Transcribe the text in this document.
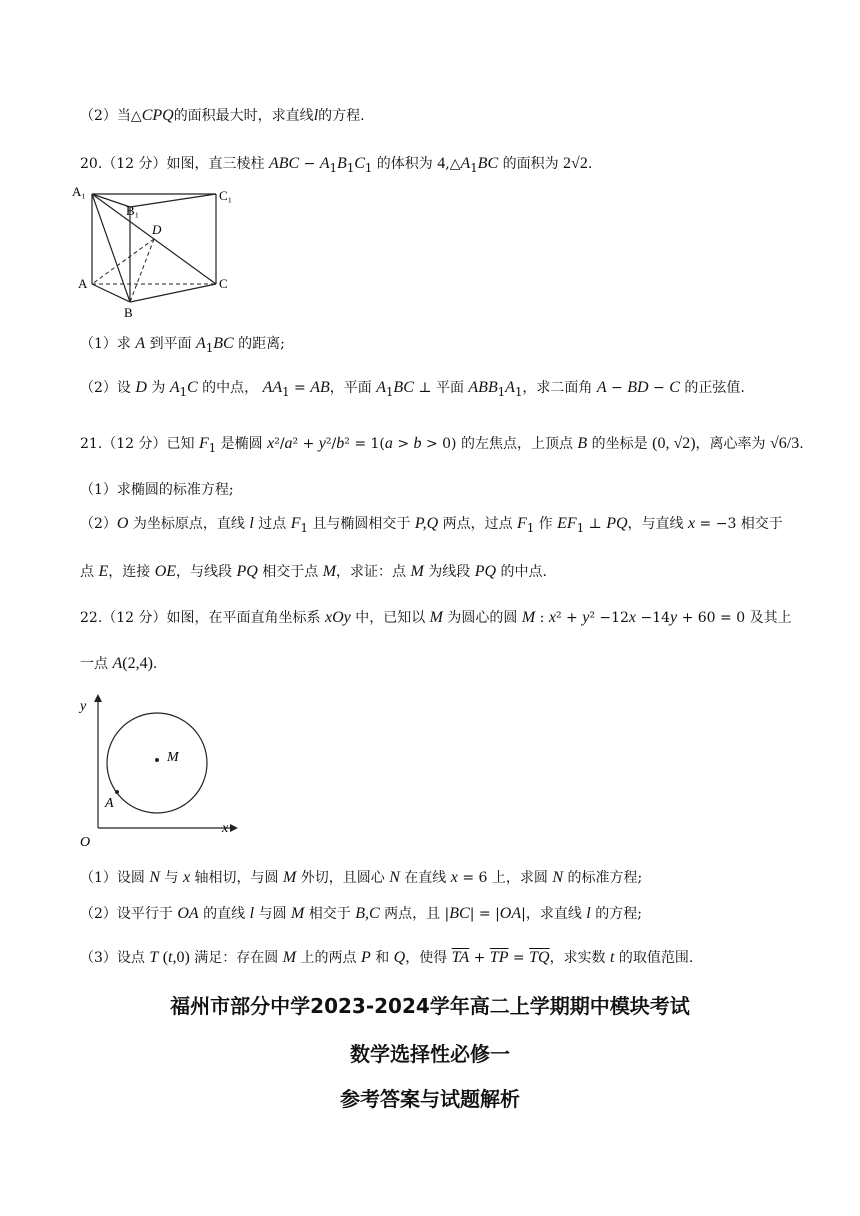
（2）当△CPQ的面积最大时，求直线l的方程.
20.（12 分）如图，直三棱柱 ABC − $A_1B_1C_1$ 的体积为 $4,\triangle A_1BC$ 的面积为 2√2.
A₁
B₁
C₁
D
A
B
C
（1）求 A 到平面 $A_1BC$ 的距离;
（2）设 D 为 $A_1C$ 的中点， $AA_1$ = AB，平面 $A_1BC$ ⊥ 平面 $ABB_1A_1$，求二面角 A − BD − C 的正弦值.
21.（12 分）已知 $F_1$ 是椭圆 x²/a² + y²/b² = 1(a > b > 0) 的左焦点，上顶点 B 的坐标是 (0, √2)，离心率为 √6/3.
（1）求椭圆的标准方程;
（2）O 为坐标原点，直线 l 过点 $F_1$ 且与椭圆相交于 P,Q 两点，过点 $F_1$ 作 $EF_1$ ⊥ PQ，与直线 x = −3 相交于
点 E，连接 OE，与线段 PQ 相交于点 M，求证：点 M 为线段 PQ 的中点.
22.（12 分）如图，在平面直角坐标系 xOy 中，已知以 M 为圆心的圆 M : x² + y² −12x −14y + 60 = 0 及其上
一点 A(2,4).
y
x
O
M
A
（1）设圆 N 与 x 轴相切，与圆 M 外切，且圆心 N 在直线 x = 6 上，求圆 N 的标准方程;
（2）设平行于 OA 的直线 l 与圆 M 相交于 B,C 两点，且 |BC| = |OA|，求直线 l 的方程;
（3）设点 T (t,0) 满足：存在圆 M 上的两点 P 和 Q，使得 $\overline{TA} + \overline{TP} = \overline{TQ}$，求实数 t 的取值范围.
福州市部分中学2023-2024学年高二上学期期中模块考试
数学选择性必修一
参考答案与试题解析
